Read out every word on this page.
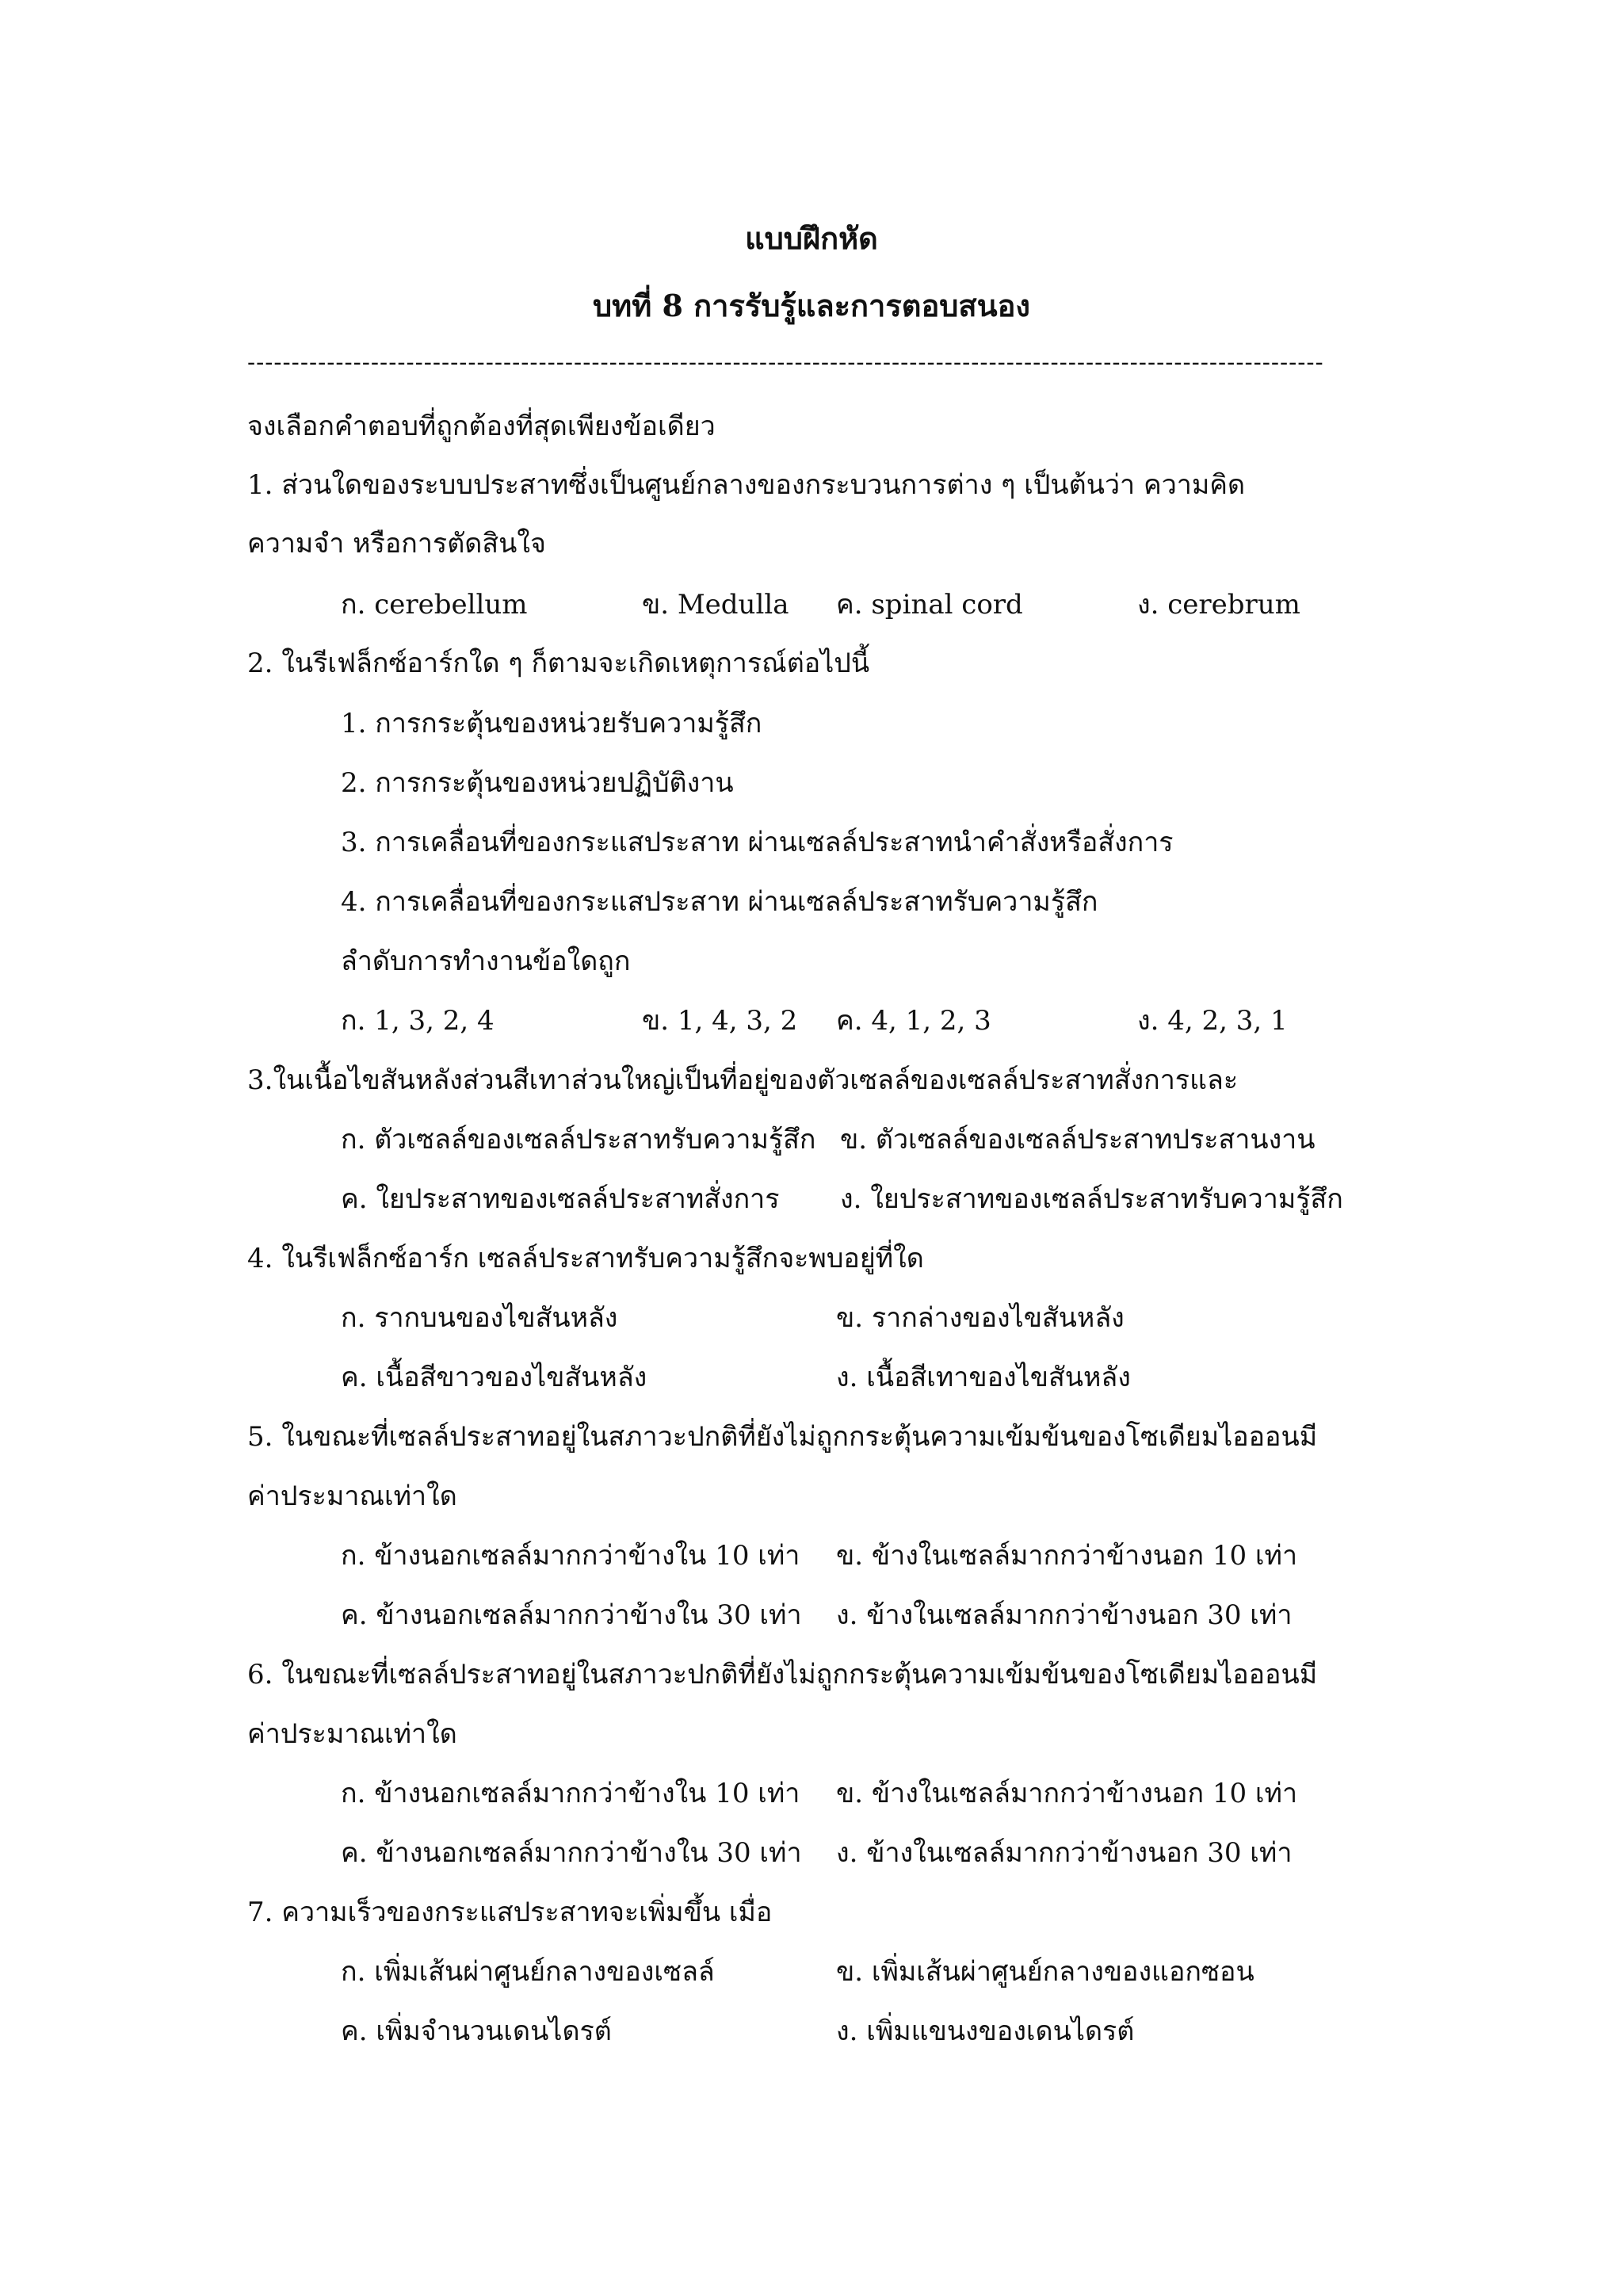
แบบฝึกหัด
บทที่ 8 การรับรู้และการตอบสนอง
--------------------------------------------------------------------------------------------------------------------------
จงเลือกคำตอบที่ถูกต้องที่สุดเพียงข้อเดียว
1. ส่วนใดของระบบประสาทซึ่งเป็นศูนย์กลางของกระบวนการต่าง ๆ เป็นต้นว่า ความคิด
ความจำ หรือการตัดสินใจ
ก. cerebellum	ข. Medulla ค. spinal cord	ง. cerebrum
2. ในรีเฟล็กซ์อาร์กใด ๆ ก็ตามจะเกิดเหตุการณ์ต่อไปนี้
1. การกระตุ้นของหน่วยรับความรู้สึก
2. การกระตุ้นของหน่วยปฏิบัติงาน
3. การเคลื่อนที่ของกระแสประสาท ผ่านเซลล์ประสาทนำคำสั่งหรือสั่งการ
4. การเคลื่อนที่ของกระแสประสาท ผ่านเซลล์ประสาทรับความรู้สึก
ลำดับการทำงานข้อใดถูก
ก. 1, 3, 2, 4	ข. 1, 4, 3, 2 ค. 4, 1, 2, 3	ง. 4, 2, 3, 1
3.ในเนื้อไขสันหลังส่วนสีเทาส่วนใหญ่เป็นที่อยู่ของตัวเซลล์ของเซลล์ประสาทสั่งการและ
ก. ตัวเซลล์ของเซลล์ประสาทรับความรู้สึก ข. ตัวเซลล์ของเซลล์ประสาทประสานงาน
ค. ใยประสาทของเซลล์ประสาทสั่งการ ง. ใยประสาทของเซลล์ประสาทรับความรู้สึก
4. ในรีเฟล็กซ์อาร์ก เซลล์ประสาทรับความรู้สึกจะพบอยู่ที่ใด
ก. รากบนของไขสันหลัง	ข. รากล่างของไขสันหลัง
ค. เนื้อสีขาวของไขสันหลัง	ง. เนื้อสีเทาของไขสันหลัง
5. ในขณะที่เซลล์ประสาทอยู่ในสภาวะปกติที่ยังไม่ถูกกระตุ้นความเข้มข้นของโซเดียมไอออนมี
ค่าประมาณเท่าใด
ก. ข้างนอกเซลล์มากกว่าข้างใน 10 เท่า ข. ข้างในเซลล์มากกว่าข้างนอก 10 เท่า
ค. ข้างนอกเซลล์มากกว่าข้างใน 30 เท่า ง. ข้างในเซลล์มากกว่าข้างนอก 30 เท่า
6. ในขณะที่เซลล์ประสาทอยู่ในสภาวะปกติที่ยังไม่ถูกกระตุ้นความเข้มข้นของโซเดียมไอออนมี
ค่าประมาณเท่าใด
ก. ข้างนอกเซลล์มากกว่าข้างใน 10 เท่า ข. ข้างในเซลล์มากกว่าข้างนอก 10 เท่า
ค. ข้างนอกเซลล์มากกว่าข้างใน 30 เท่า ง. ข้างในเซลล์มากกว่าข้างนอก 30 เท่า
7. ความเร็วของกระแสประสาทจะเพิ่มขึ้น เมื่อ
ก. เพิ่มเส้นผ่าศูนย์กลางของเซลล์	ข. เพิ่มเส้นผ่าศูนย์กลางของแอกซอน
ค. เพิ่มจำนวนเดนไดรต์	ง. เพิ่มแขนงของเดนไดรต์
